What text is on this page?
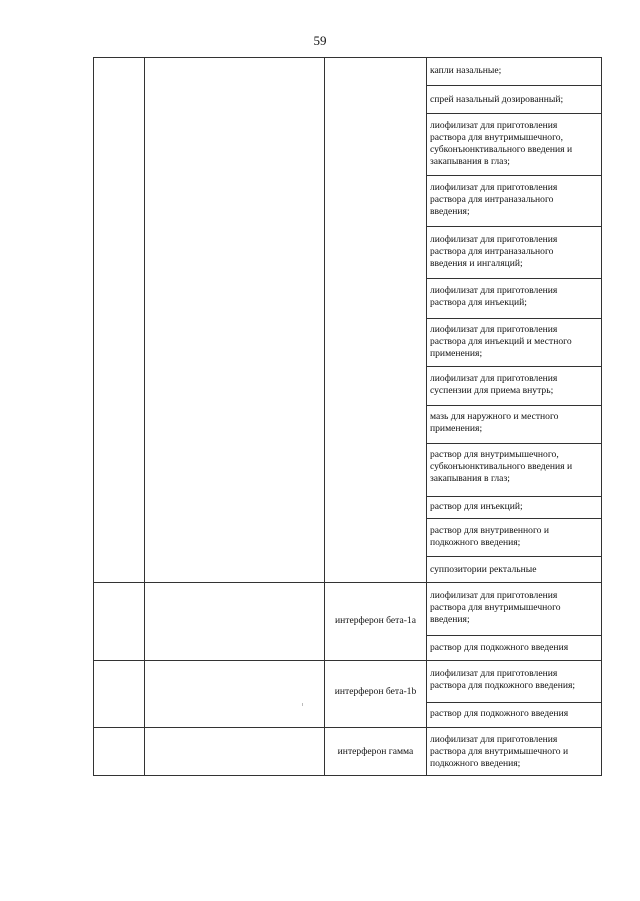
59
капли назальные;
спрей назальный дозированный;
лиофилизат для приготовления
раствора для внутримышечного,
субконъюнктивального введения и
закапывания в глаз;
лиофилизат для приготовления
раствора для интраназального
введения;
лиофилизат для приготовления
раствора для интраназального
введения и ингаляций;
лиофилизат для приготовления
раствора для инъекций;
лиофилизат для приготовления
раствора для инъекций и местного
применения;
лиофилизат для приготовления
суспензии для приема внутрь;
мазь для наружного и местного
применения;
раствор для внутримышечного,
субконъюнктивального введения и
закапывания в глаз;
раствор для инъекций;
раствор для внутривенного и
подкожного введения;
суппозитории ректальные
интерферон бета-1a
лиофилизат для приготовления
раствора для внутримышечного
введения;
раствор для подкожного введения
интерферон бета-1b
лиофилизат для приготовления
раствора для подкожного введения;
раствор для подкожного введения
интерферон гамма
лиофилизат для приготовления
раствора для внутримышечного и
подкожного введения;
